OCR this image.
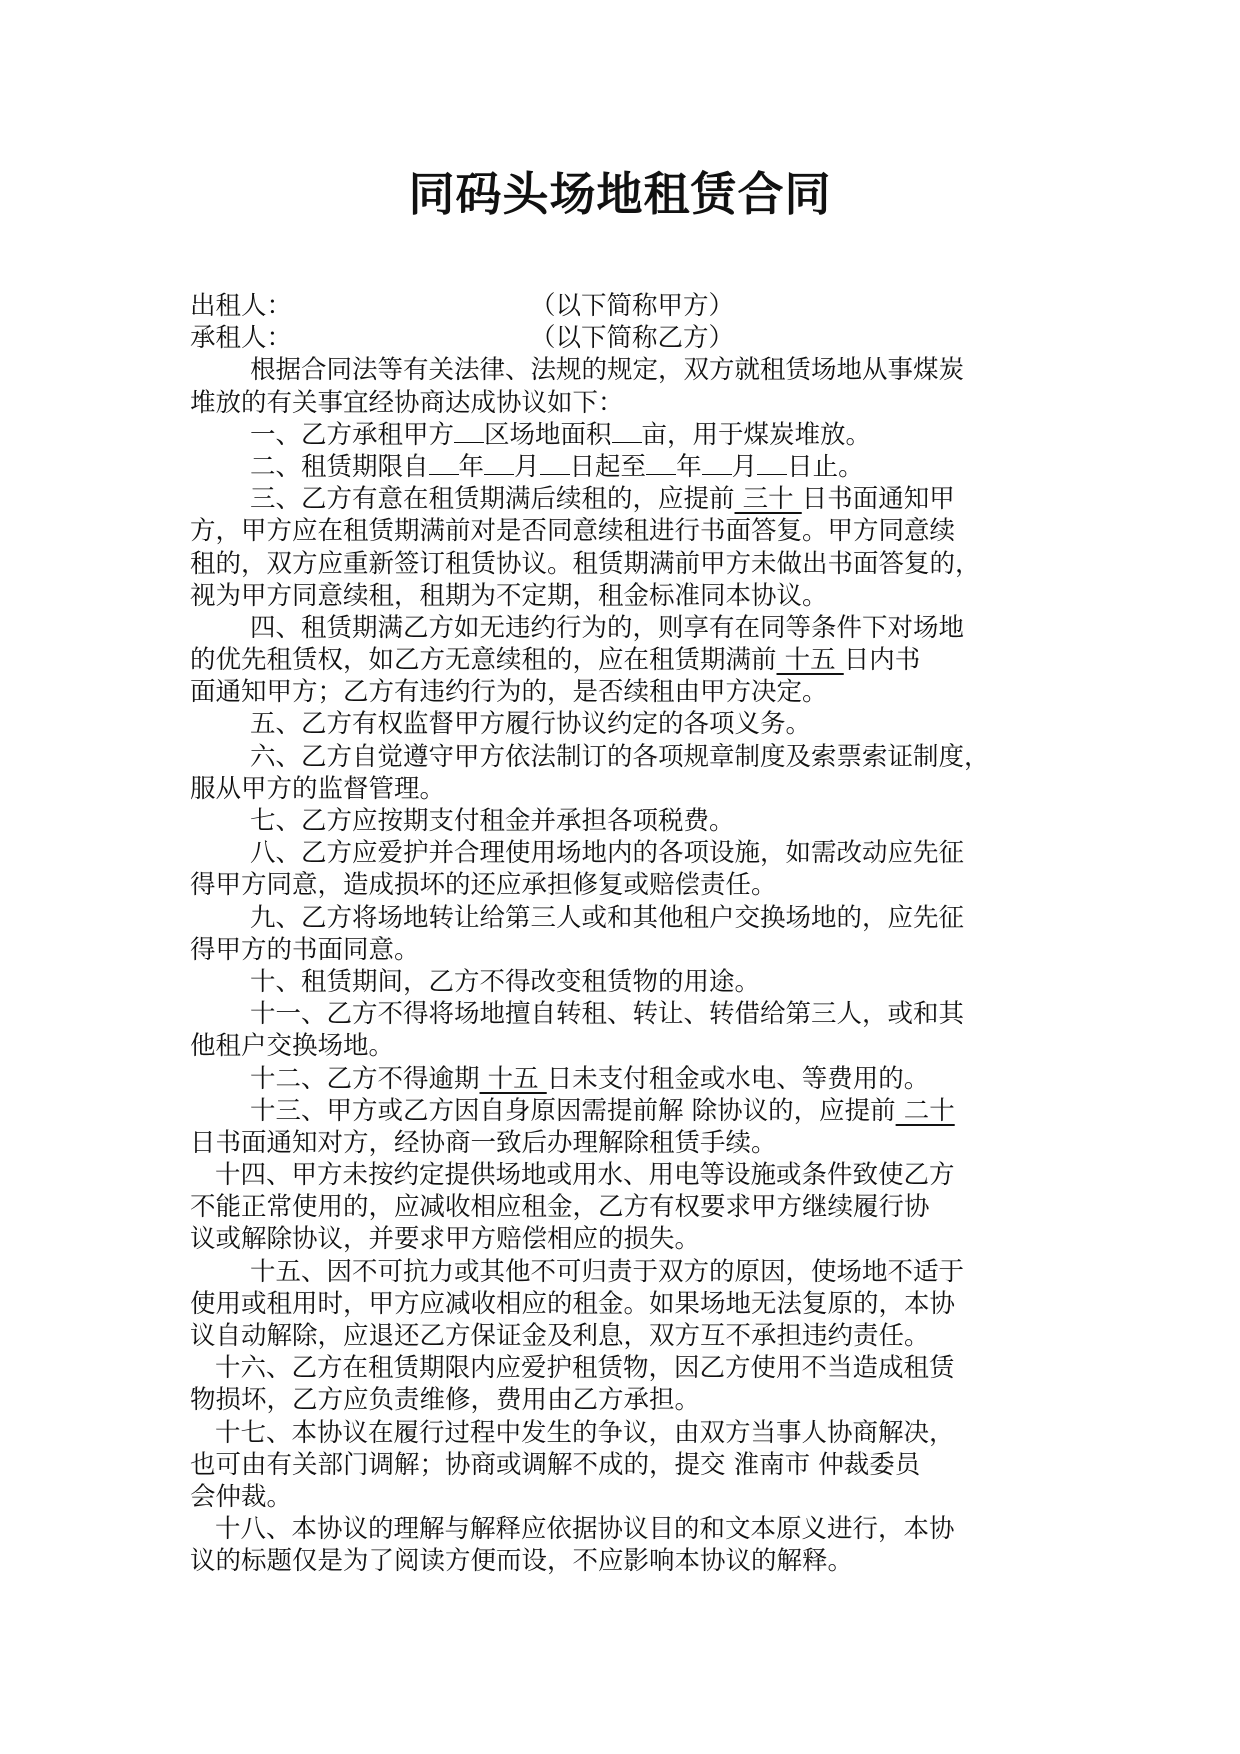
同码头场地租赁合同
出租人：	（以下简称甲方）
承租人：	（以下简称乙方）
根据合同法等有关法律、法规的规定，双方就租赁场地从事煤炭
堆放的有关事宜经协商达成协议如下：
一、乙方承租甲方 区场地面积 亩，用于煤炭堆放。
二、租赁期限自 年 月 日起至 年 月 日止。
三、乙方有意在租赁期满后续租的，应提前 三十 日书面通知甲
方，甲方应在租赁期满前对是否同意续租进行书面答复。甲方同意续
租的，双方应重新签订租赁协议。租赁期满前甲方未做出书面答复的，
视为甲方同意续租，租期为不定期，租金标准同本协议。
四、租赁期满乙方如无违约行为的，则享有在同等条件下对场地
的优先租赁权，如乙方无意续租的，应在租赁期满前 十五 日内书
面通知甲方；乙方有违约行为的，是否续租由甲方决定。
五、乙方有权监督甲方履行协议约定的各项义务。
六、乙方自觉遵守甲方依法制订的各项规章制度及索票索证制度，
服从甲方的监督管理。
七、乙方应按期支付租金并承担各项税费。
八、乙方应爱护并合理使用场地内的各项设施，如需改动应先征
得甲方同意，造成损坏的还应承担修复或赔偿责任。
九、乙方将场地转让给第三人或和其他租户交换场地的，应先征
得甲方的书面同意。
十、租赁期间，乙方不得改变租赁物的用途。
十一、乙方不得将场地擅自转租、转让、转借给第三人，或和其
他租户交换场地。
十二、乙方不得逾期 十五 日未支付租金或水电、等费用的。
十三、甲方或乙方因自身原因需提前解 除协议的，应提前 二十
日书面通知对方，经协商一致后办理解除租赁手续。
十四、甲方未按约定提供场地或用水、用电等设施或条件致使乙方
不能正常使用的，应减收相应租金，乙方有权要求甲方继续履行协
议或解除协议，并要求甲方赔偿相应的损失。
十五、因不可抗力或其他不可归责于双方的原因，使场地不适于
使用或租用时，甲方应减收相应的租金。如果场地无法复原的，本协
议自动解除，应退还乙方保证金及利息，双方互不承担违约责任。
十六、乙方在租赁期限内应爱护租赁物，因乙方使用不当造成租赁
物损坏，乙方应负责维修，费用由乙方承担。
十七、本协议在履行过程中发生的争议，由双方当事人协商解决，
也可由有关部门调解；协商或调解不成的，提交 淮南市 仲裁委员
会仲裁。
十八、本协议的理解与解释应依据协议目的和文本原义进行，本协
议的标题仅是为了阅读方便而设，不应影响本协议的解释。
